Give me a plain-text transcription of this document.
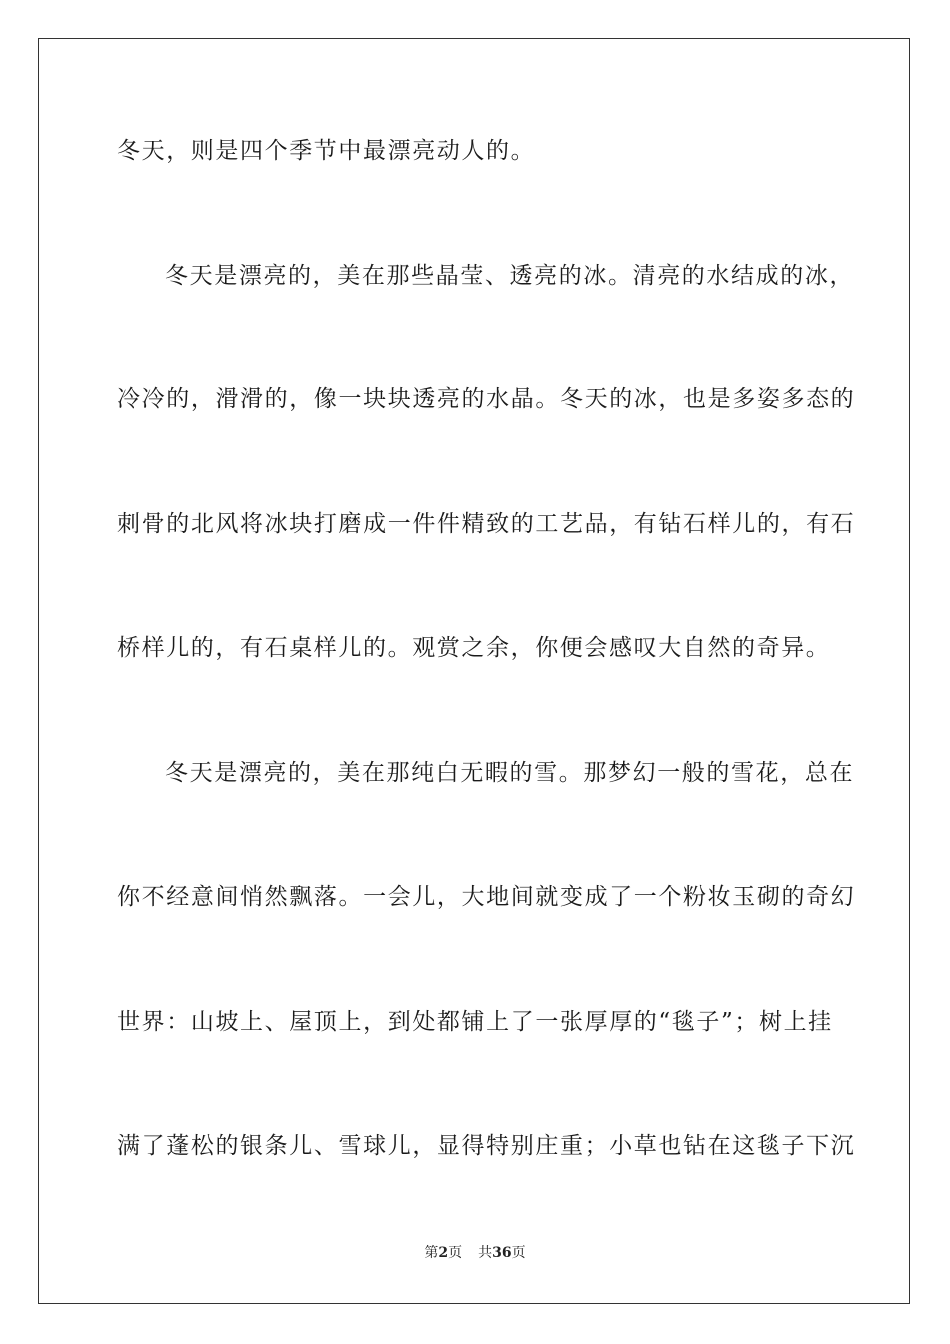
冬天，则是四个季节中最漂亮动人的。
冬 天 是 漂 亮 的 ， 美 在 那 些 晶 莹 、 透 亮 的 冰 。 清 亮 的 水 结 成 的 冰 ，
冷 冷 的 ， 滑 滑 的 ， 像 一 块 块 透 亮 的 水 晶 。 冬 天 的 冰 ， 也 是 多 姿 多 态 的
刺 骨 的 北 风 将 冰 块 打 磨 成 一 件 件 精 致 的 工 艺 品 ， 有 钻 石 样 儿 的 ， 有 石
桥样儿的，有石桌样儿的。观赏之余，你便会感叹大自然的奇异。
冬 天 是 漂 亮 的 ， 美 在 那 纯 白 无 暇 的 雪 。 那 梦 幻 一 般 的 雪 花 ， 总 在
你 不 经 意 间 悄 然 飘 落 。 一 会 儿 ， 大 地 间 就 变 成 了 一 个 粉 妆 玉 砌 的 奇 幻
世 界 ： 山 坡 上 、 屋 顶 上 ， 到 处 都 铺 上 了 一 张 厚 厚 的 “ 毯 子 ” ； 树 上 挂
满 了 蓬 松 的 银 条 儿 、 雪 球 儿 ， 显 得 特 别 庄 重 ； 小 草 也 钻 在 这 毯 子 下 沉
第2页 共36页
